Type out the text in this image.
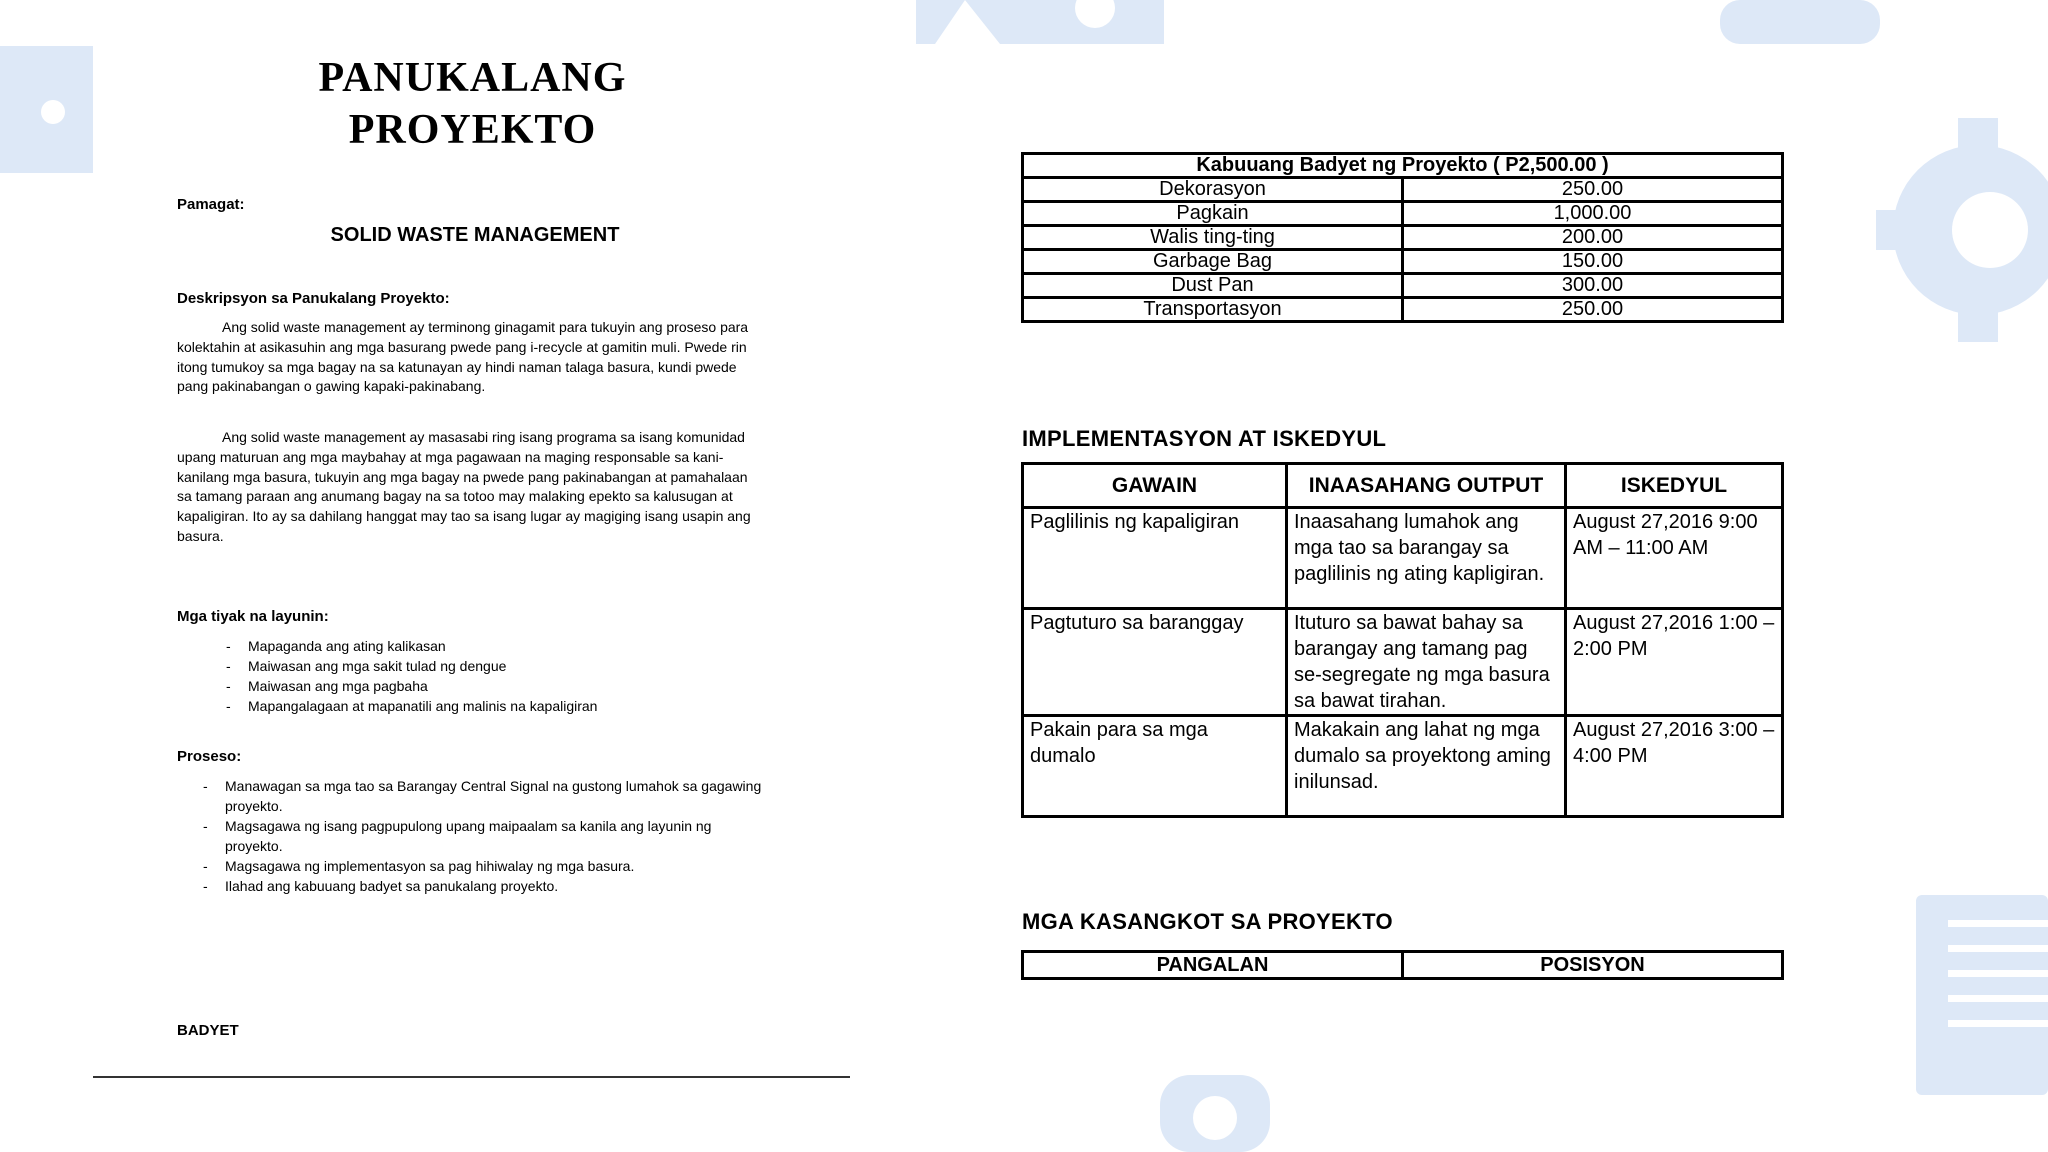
PANUKALANG
PROYEKTO
Pamagat:
SOLID WASTE MANAGEMENT
Deskripsyon sa Panukalang Proyekto:

Ang solid waste management ay terminong ginagamit para tukuyin ang proseso para kolektahin at asikasuhin ang mga basurang pwede pang i-recycle at gamitin muli. Pwede rin itong tumukoy sa mga bagay na sa katunayan ay hindi naman talaga basura, kundi pwede pang pakinabangan o gawing kapaki-pakinabang.

Ang solid waste management ay masasabi ring isang programa sa isang komunidad upang maturuan ang mga maybahay at mga pagawaan na maging responsable sa kani-kanilang mga basura, tukuyin ang mga bagay na pwede pang pakinabangan at pamahalaan sa tamang paraan ang anumang bagay na sa totoo may malaking epekto sa kalusugan at kapaligiran. Ito ay sa dahilang hanggat may tao sa isang lugar ay magiging isang usapin ang basura.

Mga tiyak na layunin:
- Mapaganda ang ating kalikasan
- Maiwasan ang mga sakit tulad ng dengue
- Maiwasan ang mga pagbaha
- Mapangalagaan at mapanatili ang malinis na kapaligiran
Proseso:
- Manawagan sa mga tao sa Barangay Central Signal na gustong lumahok sa gagawing proyekto.
- Magsagawa ng isang pagpupulong upang maipaalam sa kanila ang layunin ng proyekto.
- Magsagawa ng implementasyon sa pag hihiwalay ng mga basura.
- Ilahad ang kabuuang badyet sa panukalang proyekto.
BADYET
Kabuuang Badyet ng Proyekto ( P2,500.00 )	
Dekorasyon	250.00
Pagkain	1,000.00
Walis ting-ting	200.00
Garbage Bag	150.00
Dust Pan	300.00
Transportasyon	250.00
IMPLEMENTASYON AT ISKEDYUL
GAWAIN	INAASAHANG OUTPUT	ISKEDYUL
Paglilinis ng kapaligiran	Inaasahang lumahok ang mga tao sa barangay sa paglilinis ng ating kapligiran.	August 27,2016 9:00 AM – 11:00 AM
Pagtuturo sa baranggay	Ituturo sa bawat bahay sa barangay ang tamang pag se-segregate ng mga basura sa bawat tirahan.	August 27,2016 1:00 – 2:00 PM
Pakain para sa mga dumalo	Makakain ang lahat ng mga dumalo sa proyektong aming inilunsad.	August 27,2016 3:00 – 4:00 PM
MGA KASANGKOT SA PROYEKTO
PANGALAN	POSISYON
